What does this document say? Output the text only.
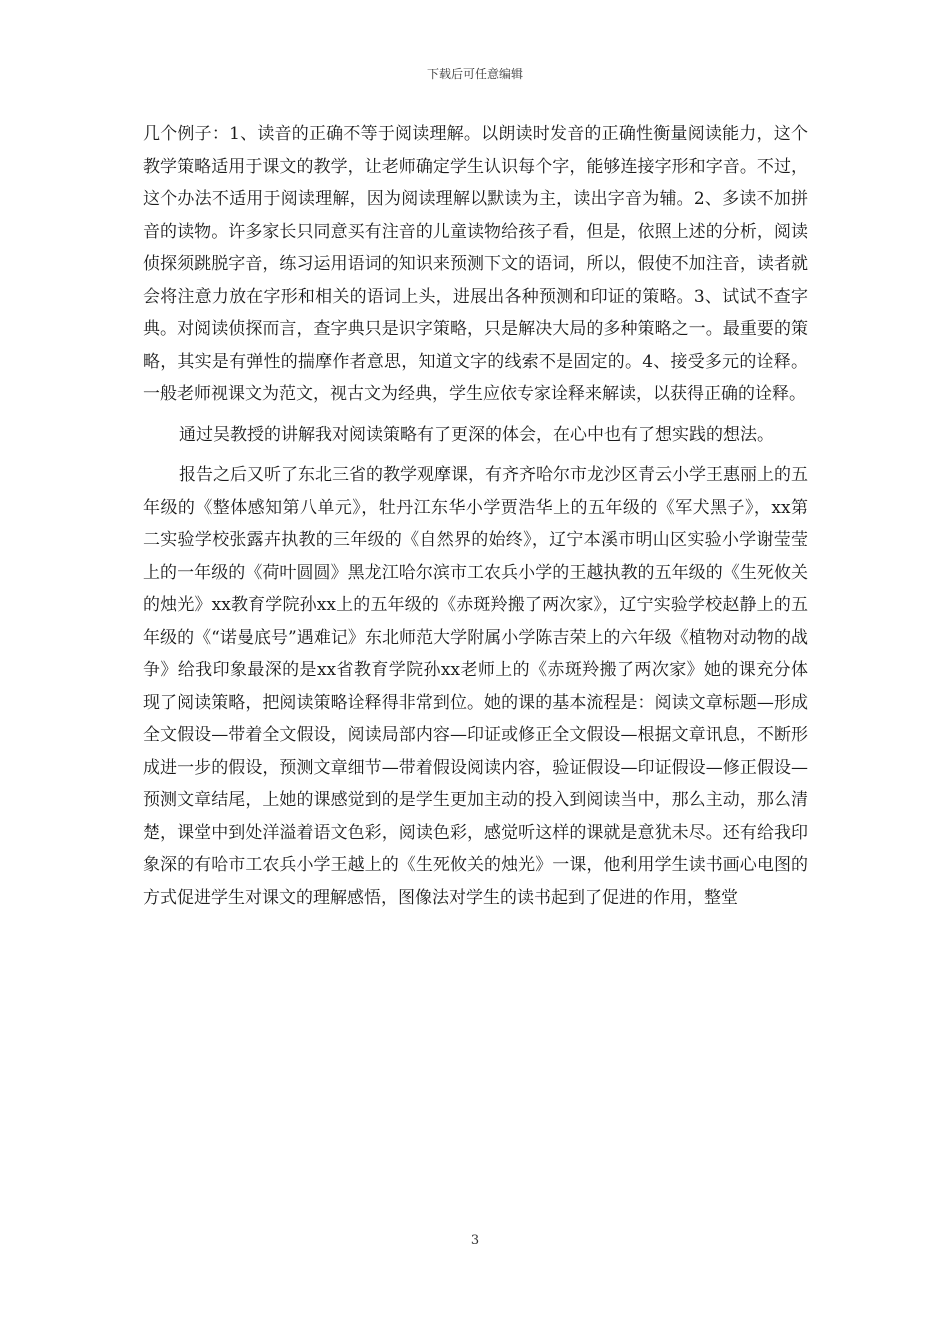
下载后可任意编辑

几个例子：1、读音的正确不等于阅读理解。以朗读时发音的正确性衡量阅读能力，这个教学策略适用于课文的教学，让老师确定学生认识每个字，能够连接字形和字音。不过，这个办法不适用于阅读理解，因为阅读理解以默读为主，读出字音为辅。2、多读不加拼音的读物。许多家长只同意买有注音的儿童读物给孩子看，但是，依照上述的分析，阅读侦探须跳脱字音，练习运用语词的知识来预测下文的语词，所以，假使不加注音，读者就会将注意力放在字形和相关的语词上头，进展出各种预测和印证的策略。3、试试不查字典。对阅读侦探而言，查字典只是识字策略，只是解决大局的多种策略之一。最重要的策略，其实是有弹性的揣摩作者意思，知道文字的线索不是固定的。4、接受多元的诠释。一般老师视课文为范文，视古文为经典，学生应依专家诠释来解读，以获得正确的诠释。

通过吴教授的讲解我对阅读策略有了更深的体会，在心中也有了想实践的想法。

报告之后又听了东北三省的教学观摩课，有齐齐哈尔市龙沙区青云小学王惠丽上的五年级的《整体感知第八单元》，牡丹江东华小学贾浩华上的五年级的《军犬黑子》，xx第二实验学校张露卉执教的三年级的《自然界的始终》，辽宁本溪市明山区实验小学谢莹莹上的一年级的《荷叶圆圆》黑龙江哈尔滨市工农兵小学的王越执教的五年级的《生死攸关的烛光》xx教育学院孙xx上的五年级的《赤斑羚搬了两次家》，辽宁实验学校赵静上的五年级的《“诺曼底号”遇难记》东北师范大学附属小学陈吉荣上的六年级《植物对动物的战争》给我印象最深的是xx省教育学院孙xx老师上的《赤斑羚搬了两次家》她的课充分体现了阅读策略，把阅读策略诠释得非常到位。她的课的基本流程是：阅读文章标题—形成全文假设—带着全文假设，阅读局部内容—印证或修正全文假设—根据文章讯息，不断形成进一步的假设，预测文章细节—带着假设阅读内容，验证假设—印证假设—修正假设—预测文章结尾，上她的课感觉到的是学生更加主动的投入到阅读当中，那么主动，那么清楚，课堂中到处洋溢着语文色彩，阅读色彩，感觉听这样的课就是意犹未尽。还有给我印象深的有哈市工农兵小学王越上的《生死攸关的烛光》一课，他利用学生读书画心电图的方式促进学生对课文的理解感悟，图像法对学生的读书起到了促进的作用，整堂

3
